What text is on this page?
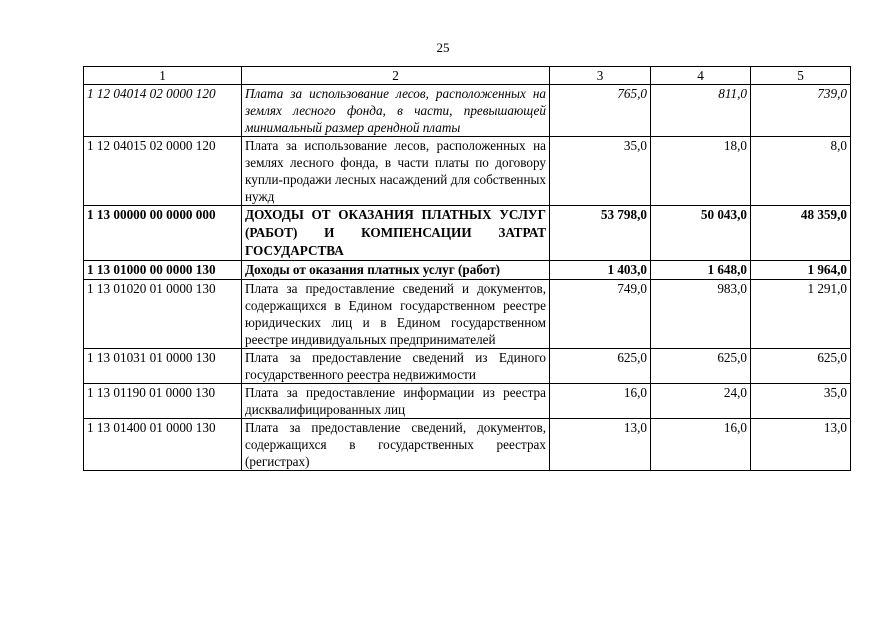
25
1	2	3	4	5
1 12 04014 02 0000 120	Плата за использование лесов, расположенных на землях лесного фонда, в части, превышающей минимальный размер арендной платы	765,0	811,0	739,0
1 12 04015 02 0000 120	Плата за использование лесов, расположенных на землях лесного фонда, в части платы по договору купли-продажи лесных насаждений для собственных нужд	35,0	18,0	8,0
1 13 00000 00 0000 000	ДОХОДЫ ОТ ОКАЗАНИЯ ПЛАТНЫХ УСЛУГ (РАБОТ) И КОМПЕНСАЦИИ ЗАТРАТ ГОСУДАРСТВА	53 798,0	50 043,0	48 359,0
1 13 01000 00 0000 130	Доходы от оказания платных услуг (работ)	1 403,0	1 648,0	1 964,0
1 13 01020 01 0000 130	Плата за предоставление сведений и документов, содержащихся в Едином государственном реестре юридических лиц и в Едином государственном реестре индивидуальных предпринимателей	749,0	983,0	1 291,0
1 13 01031 01 0000 130	Плата за предоставление сведений из Единого государственного реестра недвижимости	625,0	625,0	625,0
1 13 01190 01 0000 130	Плата за предоставление информации из реестра дисквалифицированных лиц	16,0	24,0	35,0
1 13 01400 01 0000 130	Плата за предоставление сведений, документов, содержащихся в государственных реестрах (регистрах)	13,0	16,0	13,0
